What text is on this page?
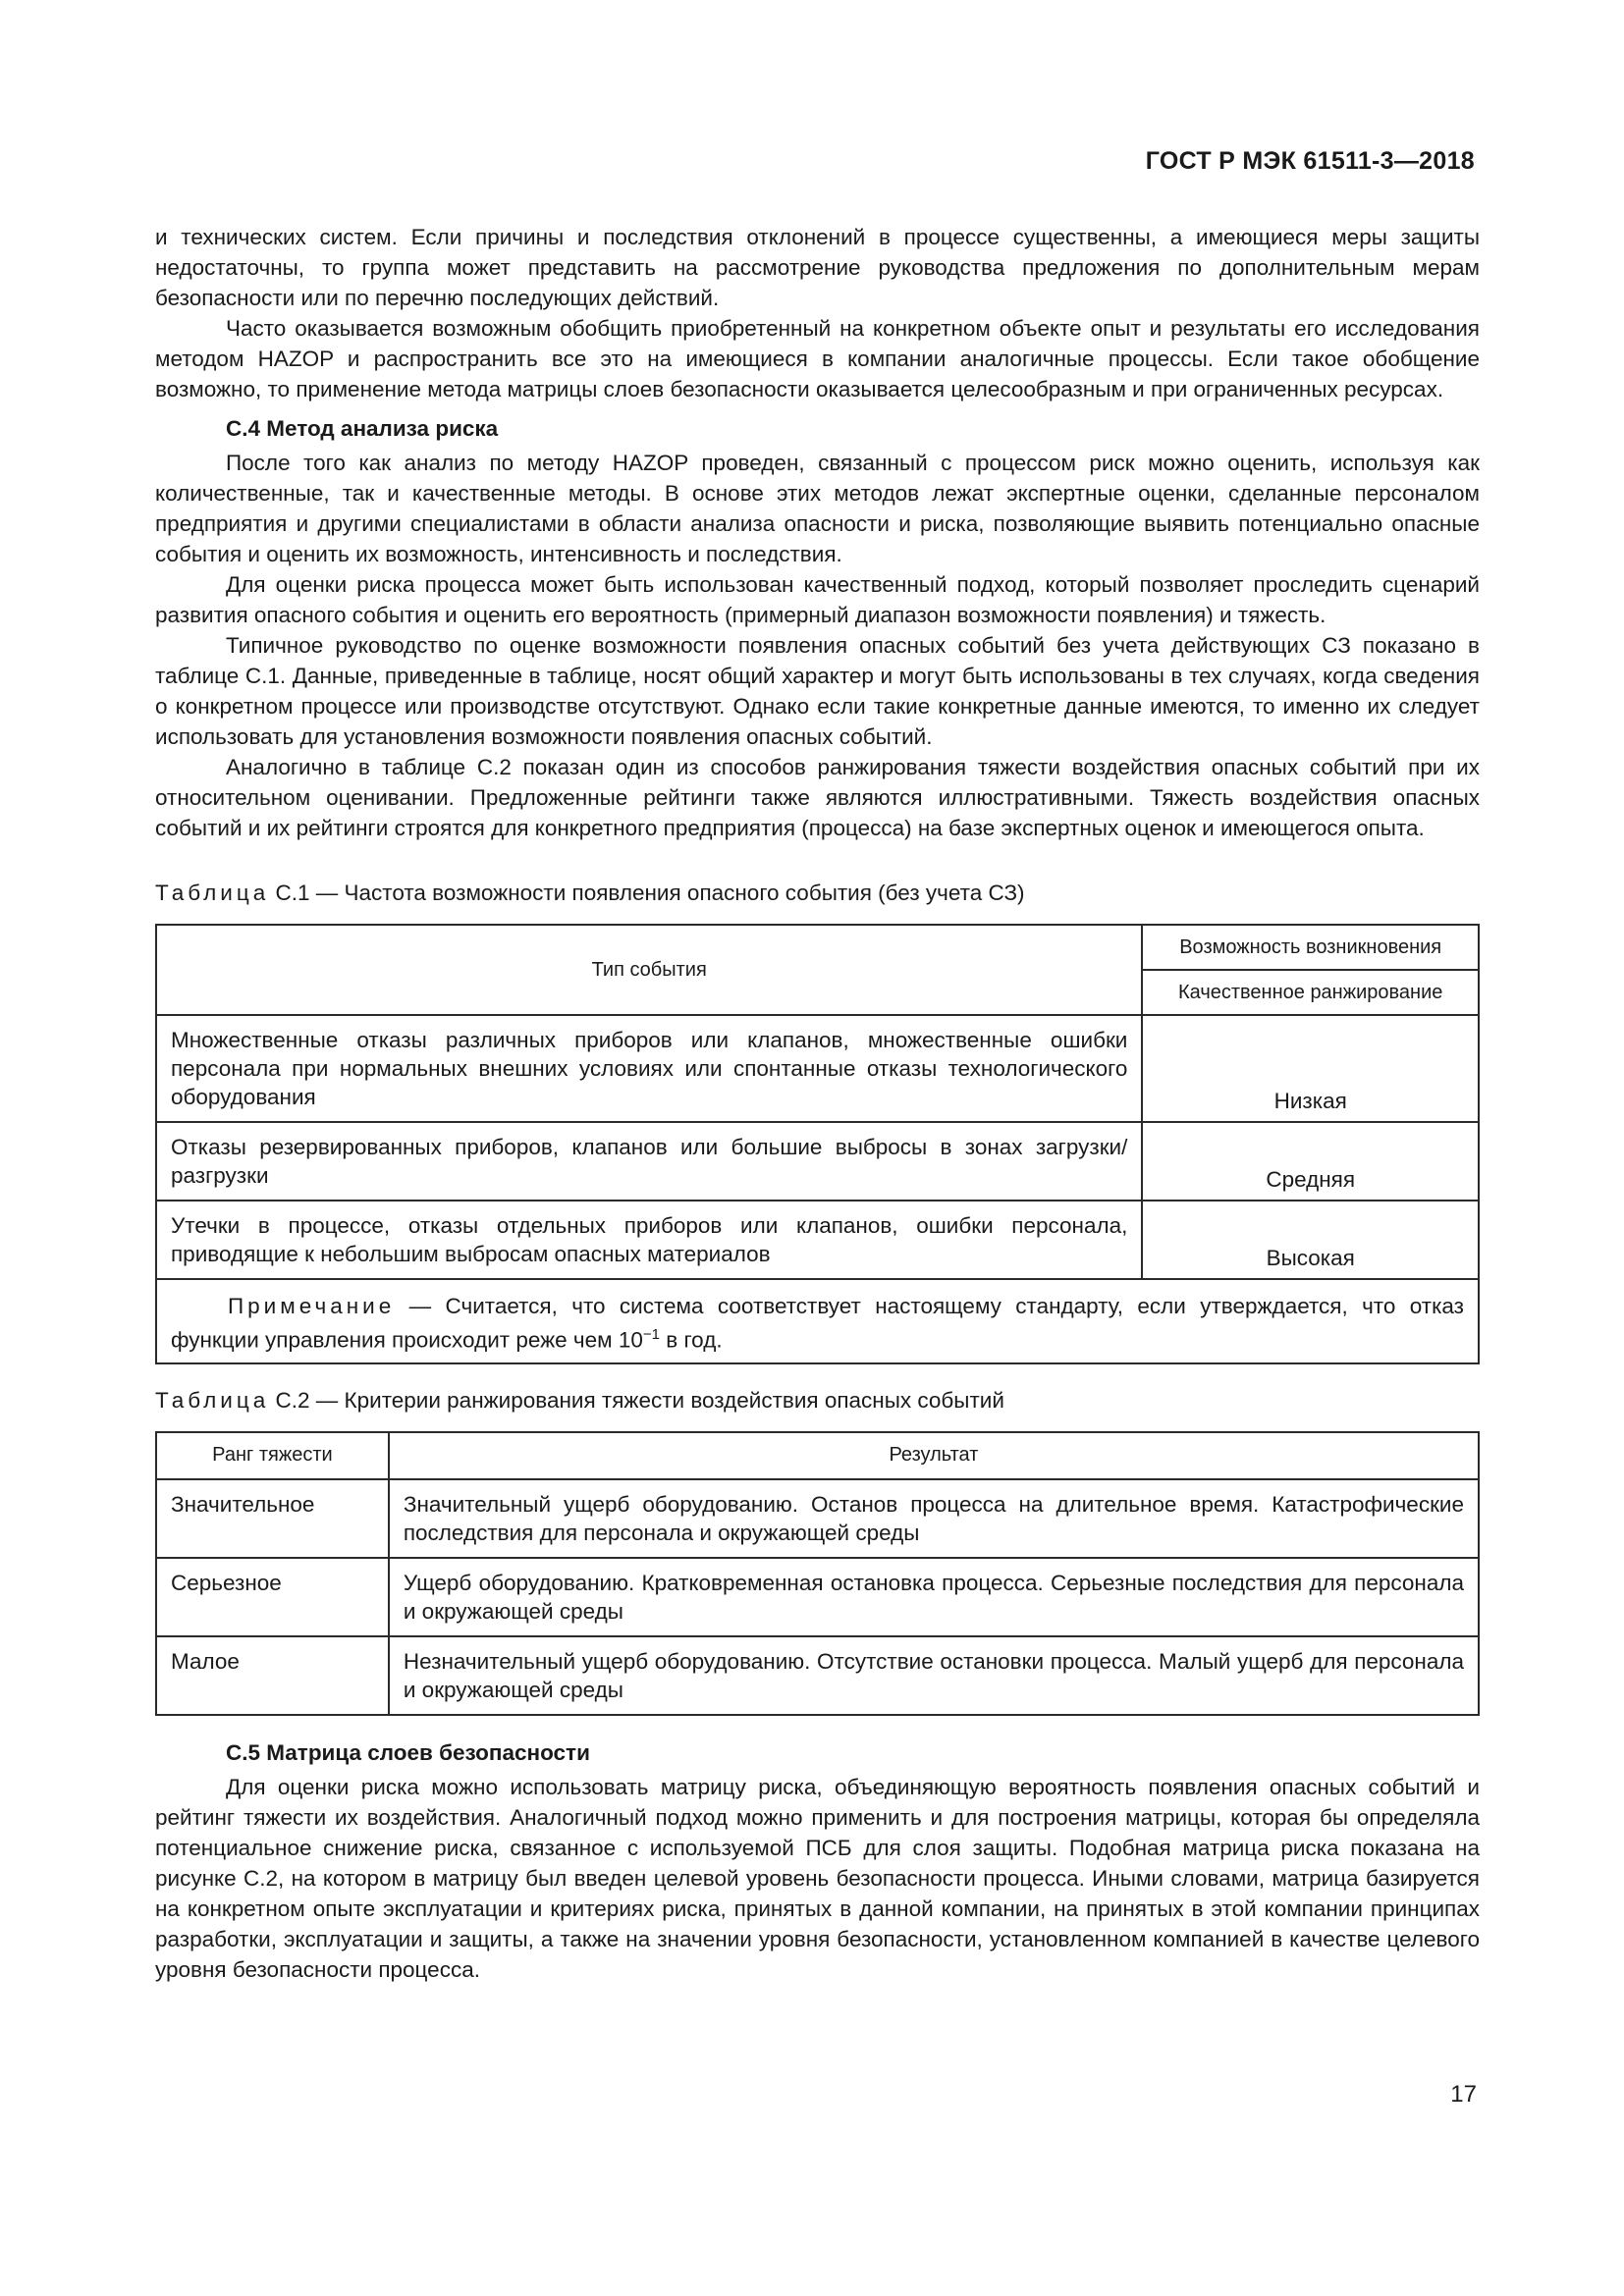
ГОСТ Р МЭК 61511-3—2018

и технических систем. Если причины и последствия отклонений в процессе существенны, а имеющиеся меры защиты недостаточны, то группа может представить на рассмотрение руководства предложения по дополнительным мерам безопасности или по перечню последующих действий.

Часто оказывается возможным обобщить приобретенный на конкретном объекте опыт и результаты его исследования методом HAZOP и распространить все это на имеющиеся в компании аналогичные процессы. Если такое обобщение возможно, то применение метода матрицы слоев безопасности оказывается целесообразным и при ограниченных ресурсах.

С.4 Метод анализа риска

После того как анализ по методу HAZOP проведен, связанный с процессом риск можно оценить, используя как количественные, так и качественные методы. В основе этих методов лежат экспертные оценки, сделанные персоналом предприятия и другими специалистами в области анализа опасности и риска, позволяющие выявить потенциально опасные события и оценить их возможность, интенсивность и последствия.

Для оценки риска процесса может быть использован качественный подход, который позволяет проследить сценарий развития опасного события и оценить его вероятность (примерный диапазон возможности появления) и тяжесть.

Типичное руководство по оценке возможности появления опасных событий без учета действующих СЗ показано в таблице С.1. Данные, приведенные в таблице, носят общий характер и могут быть использованы в тех случаях, когда сведения о конкретном процессе или производстве отсутствуют. Однако если такие конкретные данные имеются, то именно их следует использовать для установления возможности появления опасных событий.

Аналогично в таблице С.2 показан один из способов ранжирования тяжести воздействия опасных событий при их относительном оценивании. Предложенные рейтинги также являются иллюстративными. Тяжесть воздействия опасных событий и их рейтинги строятся для конкретного предприятия (процесса) на базе экспертных оценок и имеющегося опыта.

Таблица С.1 — Частота возможности появления опасного события (без учета СЗ)
Тип события	Возможность возникновения
	Качественное ранжирование
Множественные отказы различных приборов или клапанов, множественные ошибки персонала при нормальных внешних условиях или спонтанные отказы технологического оборудования	Низкая
Отказы резервированных приборов, клапанов или большие выбросы в зонах загрузки/разгрузки	Средняя
Утечки в процессе, отказы отдельных приборов или клапанов, ошибки персонала, приводящие к небольшим выбросам опасных материалов	Высокая
Примечание — Считается, что система соответствует настоящему стандарту, если утверждается, что отказ функции управления происходит реже чем $10^{-1}$ в год.	
Таблица С.2 — Критерии ранжирования тяжести воздействия опасных событий
Ранг тяжести	Результат
Значительное	Значительный ущерб оборудованию. Останов процесса на длительное время. Катастрофические последствия для персонала и окружающей среды
Серьезное	Ущерб оборудованию. Кратковременная остановка процесса. Серьезные последствия для персонала и окружающей среды
Малое	Незначительный ущерб оборудованию. Отсутствие остановки процесса. Малый ущерб для персонала и окружающей среды
С.5 Матрица слоев безопасности

Для оценки риска можно использовать матрицу риска, объединяющую вероятность появления опасных событий и рейтинг тяжести их воздействия. Аналогичный подход можно применить и для построения матрицы, которая бы определяла потенциальное снижение риска, связанное с используемой ПСБ для слоя защиты. Подобная матрица риска показана на рисунке С.2, на котором в матрицу был введен целевой уровень безопасности процесса. Иными словами, матрица базируется на конкретном опыте эксплуатации и критериях риска, принятых в данной компании, на принятых в этой компании принципах разработки, эксплуатации и защиты, а также на значении уровня безопасности, установленном компанией в качестве целевого уровня безопасности процесса.

17
